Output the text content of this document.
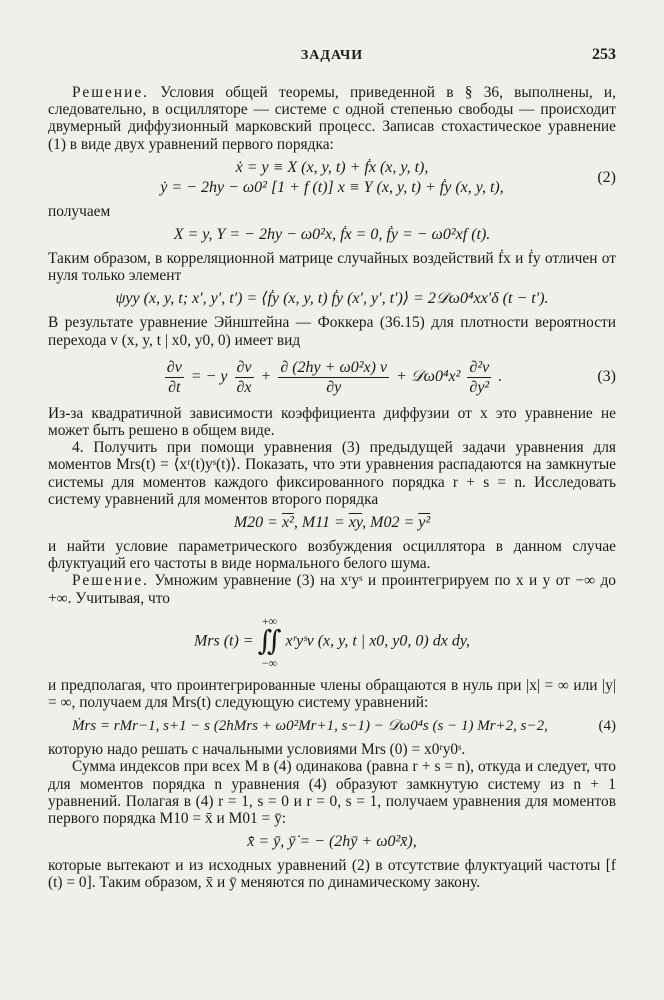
ЗАДАЧИ	253

Решение. Условия общей теоремы, приведенной в § 36, выполнены, и, следовательно, в осцилляторе — системе с одной степенью свободы — происходит двумерный диффузионный марковский процесс. Записав стохастическое уравнение (1) в виде двух уравнений первого порядка:

ẋ = y ≡ X (x, y, t) + ḟx (x, y, t),
ẏ = − 2hy − ω0² [1 + f (t)] x ≡ Y (x, y, t) + ḟy (x, y, t),
(2)

получаем

X = y, Y = − 2hy − ω0²x, ḟx = 0, ḟy = − ω0²xf (t).

Таким образом, в корреляционной матрице случайных воздействий ḟx и ḟy отличен от нуля только элемент

ψyy (x, y, t; x′, y′, t′) = ⟨ḟy (x, y, t) ḟy (x′, y′, t′)⟩ = 2𝒟ω0⁴xx′δ (t − t′).

В результате уравнение Эйнштейна — Фоккера (36.15) для плотности вероятности перехода v (x, y, t | x0, y0, 0) имеет вид

$\frac{\partial v}{\partial t}$ = − y $\frac{\partial v}{\partial x} + \frac{\text{∂ (2hy + ω0²x) v}}{\partial y}$ + 𝒟ω0⁴x² $\frac{\text{∂²v}}{\text{∂y²}}$ .	(3)

Из-за квадратичной зависимости коэффициента диффузии от x это уравнение не может быть решено в общем виде.

4. Получить при помощи уравнения (3) предыдущей задачи уравнения для моментов Mrs(t) = ⟨xʳ(t)yˢ(t)⟩. Показать, что эти уравнения распадаются на замкнутые системы для моментов каждого фиксированного порядка r + s = n. Исследовать систему уравнений для моментов второго порядка

M20 = x², $M11 = \overline{xy}$, M02 = y²

и найти условие параметрического возбуждения осциллятора в данном случае флуктуаций его частоты в виде нормального белого шума.

Решение. Умножим уравнение (3) на xʳyˢ и проинтегрируем по x и y от −∞ до +∞. Учитывая, что

Mrs (t) =
+∞
∬
−∞
xʳyˢv (x, y, t | x0, y0, 0) dx dy,

и предполагая, что проинтегрированные члены обращаются в нуль при |x| = ∞ или |y| = ∞, получаем для Mrs(t) следующую систему уравнений:

Ṁrs = rMr−1, s+1 − s (2hMrs + ω0²Mr+1, s−1) − 𝒟ω0⁴s (s − 1) Mr+2, s−2,	(4)

которую надо решать с начальными условиями Mrs (0) = x0ʳy0ˢ.

Сумма индексов при всех M в (4) одинакова (равна r + s = n), откуда и следует, что для моментов порядка n уравнения (4) образуют замкнутую систему из n + 1 уравнений. Полагая в (4) r = 1, s = 0 и r = 0, s = 1, получаем уравнения для моментов первого порядка M10 = x̄ и M01 = ȳ:

x̄̇ = ȳ, ȳ̇ = − (2hȳ + ω0²x̄),

которые вытекают и из исходных уравнений (2) в отсутствие флуктуаций частоты [f (t) = 0]. Таким образом, x̄ и ȳ меняются по динамическому закону.
